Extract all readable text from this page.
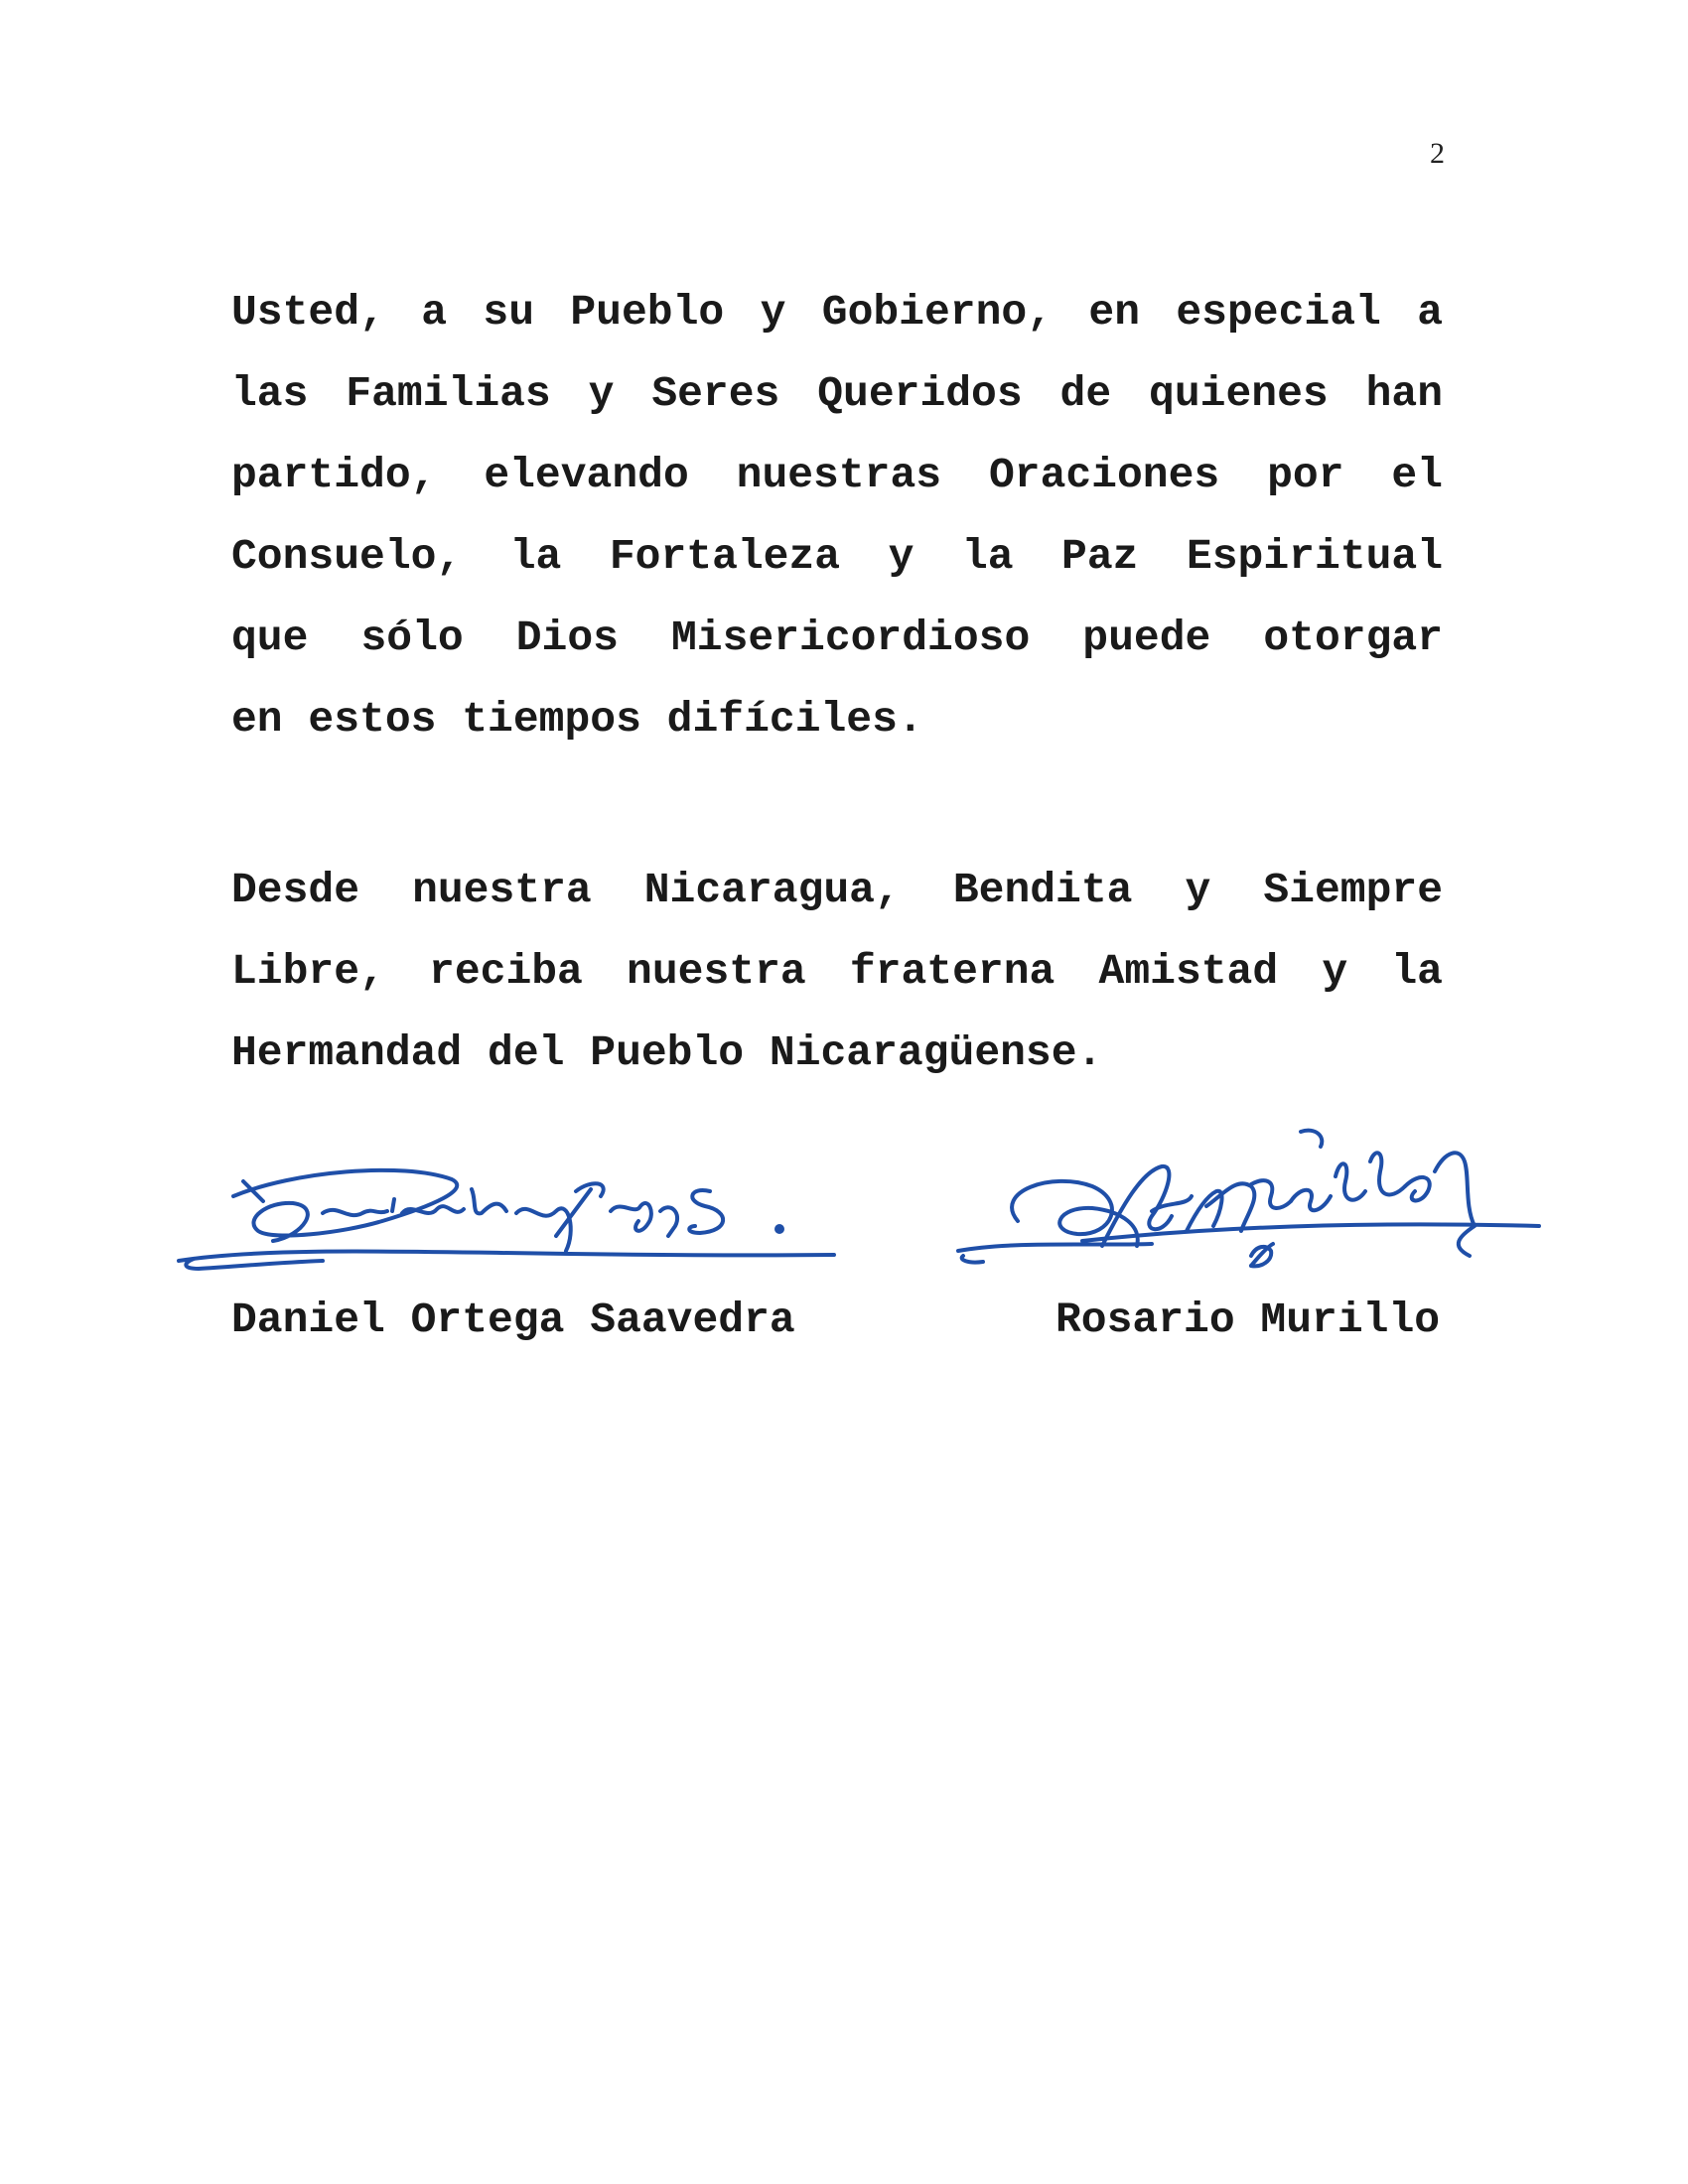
2
Usted, a su Pueblo y Gobierno, en especial a
las Familias y Seres Queridos de quienes han
partido, elevando nuestras Oraciones por el
Consuelo, la Fortaleza y la Paz Espiritual
que sólo Dios Misericordioso puede otorgar
en estos tiempos difíciles.
Desde nuestra Nicaragua, Bendita y Siempre
Libre, reciba nuestra fraterna Amistad y la
Hermandad del Pueblo Nicaragüense.
Daniel Ortega Saavedra	Rosario Murillo
